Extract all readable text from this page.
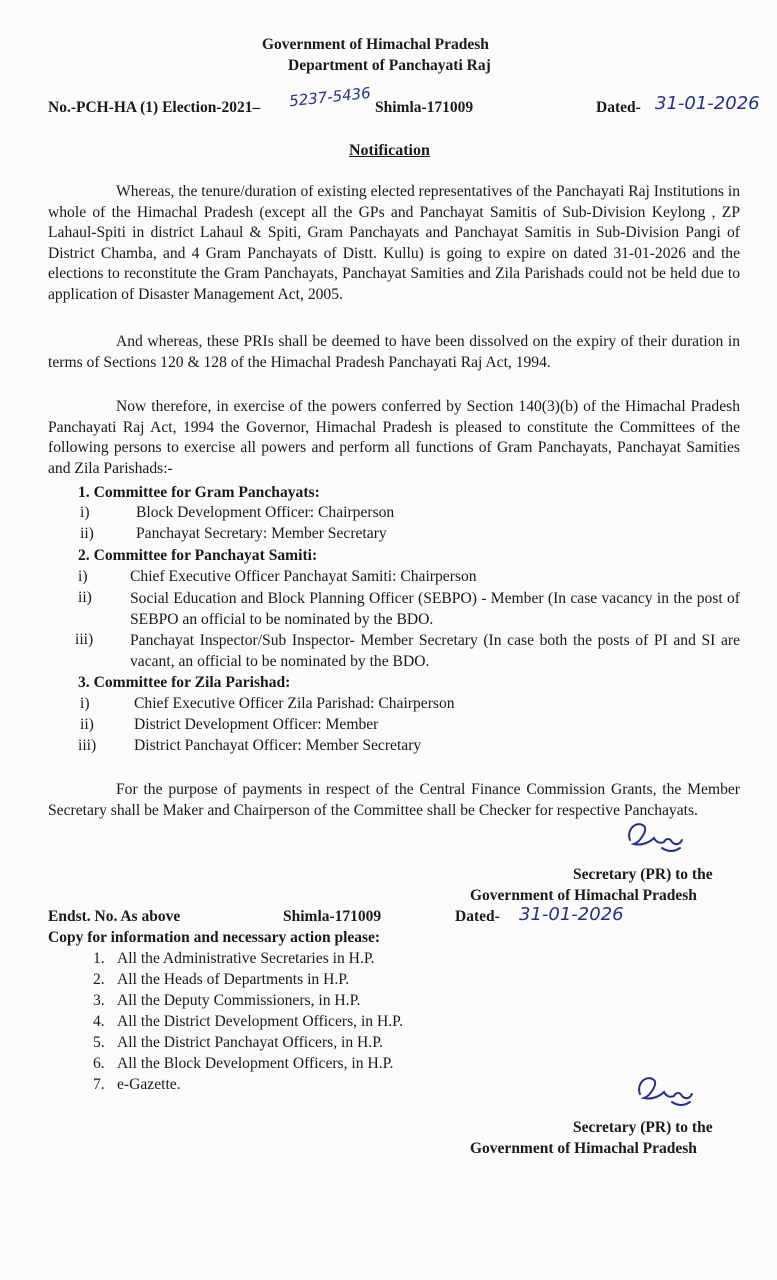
Government of Himachal Pradesh
Department of Panchayati Raj
No.-PCH-HA (1) Election-2021– 5237-5436 Shimla-171009	Dated- 31-01-2026
Notification
Whereas, the tenure/duration of existing elected representatives of the Panchayati Raj Institutions in whole of the Himachal Pradesh (except all the GPs and Panchayat Samitis of Sub-Division Keylong , ZP Lahaul-Spiti in district Lahaul & Spiti, Gram Panchayats and Panchayat Samitis in Sub-Division Pangi of District Chamba, and 4 Gram Panchayats of Distt. Kullu) is going to expire on dated 31-01-2026 and the elections to reconstitute the Gram Panchayats, Panchayat Samities and Zila Parishads could not be held due to application of Disaster Management Act, 2005.
And whereas, these PRIs shall be deemed to have been dissolved on the expiry of their duration in terms of Sections 120 & 128 of the Himachal Pradesh Panchayati Raj Act, 1994.
Now therefore, in exercise of the powers conferred by Section 140(3)(b) of the Himachal Pradesh Panchayati Raj Act, 1994 the Governor, Himachal Pradesh is pleased to constitute the Committees of the following persons to exercise all powers and perform all functions of Gram Panchayats, Panchayat Samities and Zila Parishads:-
1. Committee for Gram Panchayats:
i)	Block Development Officer: Chairperson
ii)	Panchayat Secretary: Member Secretary
2. Committee for Panchayat Samiti:
i)	Chief Executive Officer Panchayat Samiti: Chairperson
ii)	Social Education and Block Planning Officer (SEBPO) - Member (In case vacancy in the post of SEBPO an official to be nominated by the BDO.
iii)	Panchayat Inspector/Sub Inspector- Member Secretary (In case both the posts of PI and SI are vacant, an official to be nominated by the BDO.
3. Committee for Zila Parishad:
i)	Chief Executive Officer Zila Parishad: Chairperson
ii)	District Development Officer: Member
iii)	District Panchayat Officer: Member Secretary
For the purpose of payments in respect of the Central Finance Commission Grants, the Member Secretary shall be Maker and Chairperson of the Committee shall be Checker for respective Panchayats.
Secretary (PR) to the
Government of Himachal Pradesh
Endst. No. As above	Shimla-171009	Dated- 31-01-2026
Copy for information and necessary action please:
1. All the Administrative Secretaries in H.P.
2. All the Heads of Departments in H.P.
3. All the Deputy Commissioners, in H.P.
4. All the District Development Officers, in H.P.
5. All the District Panchayat Officers, in H.P.
6. All the Block Development Officers, in H.P.
7. e-Gazette.
Secretary (PR) to the
Government of Himachal Pradesh
